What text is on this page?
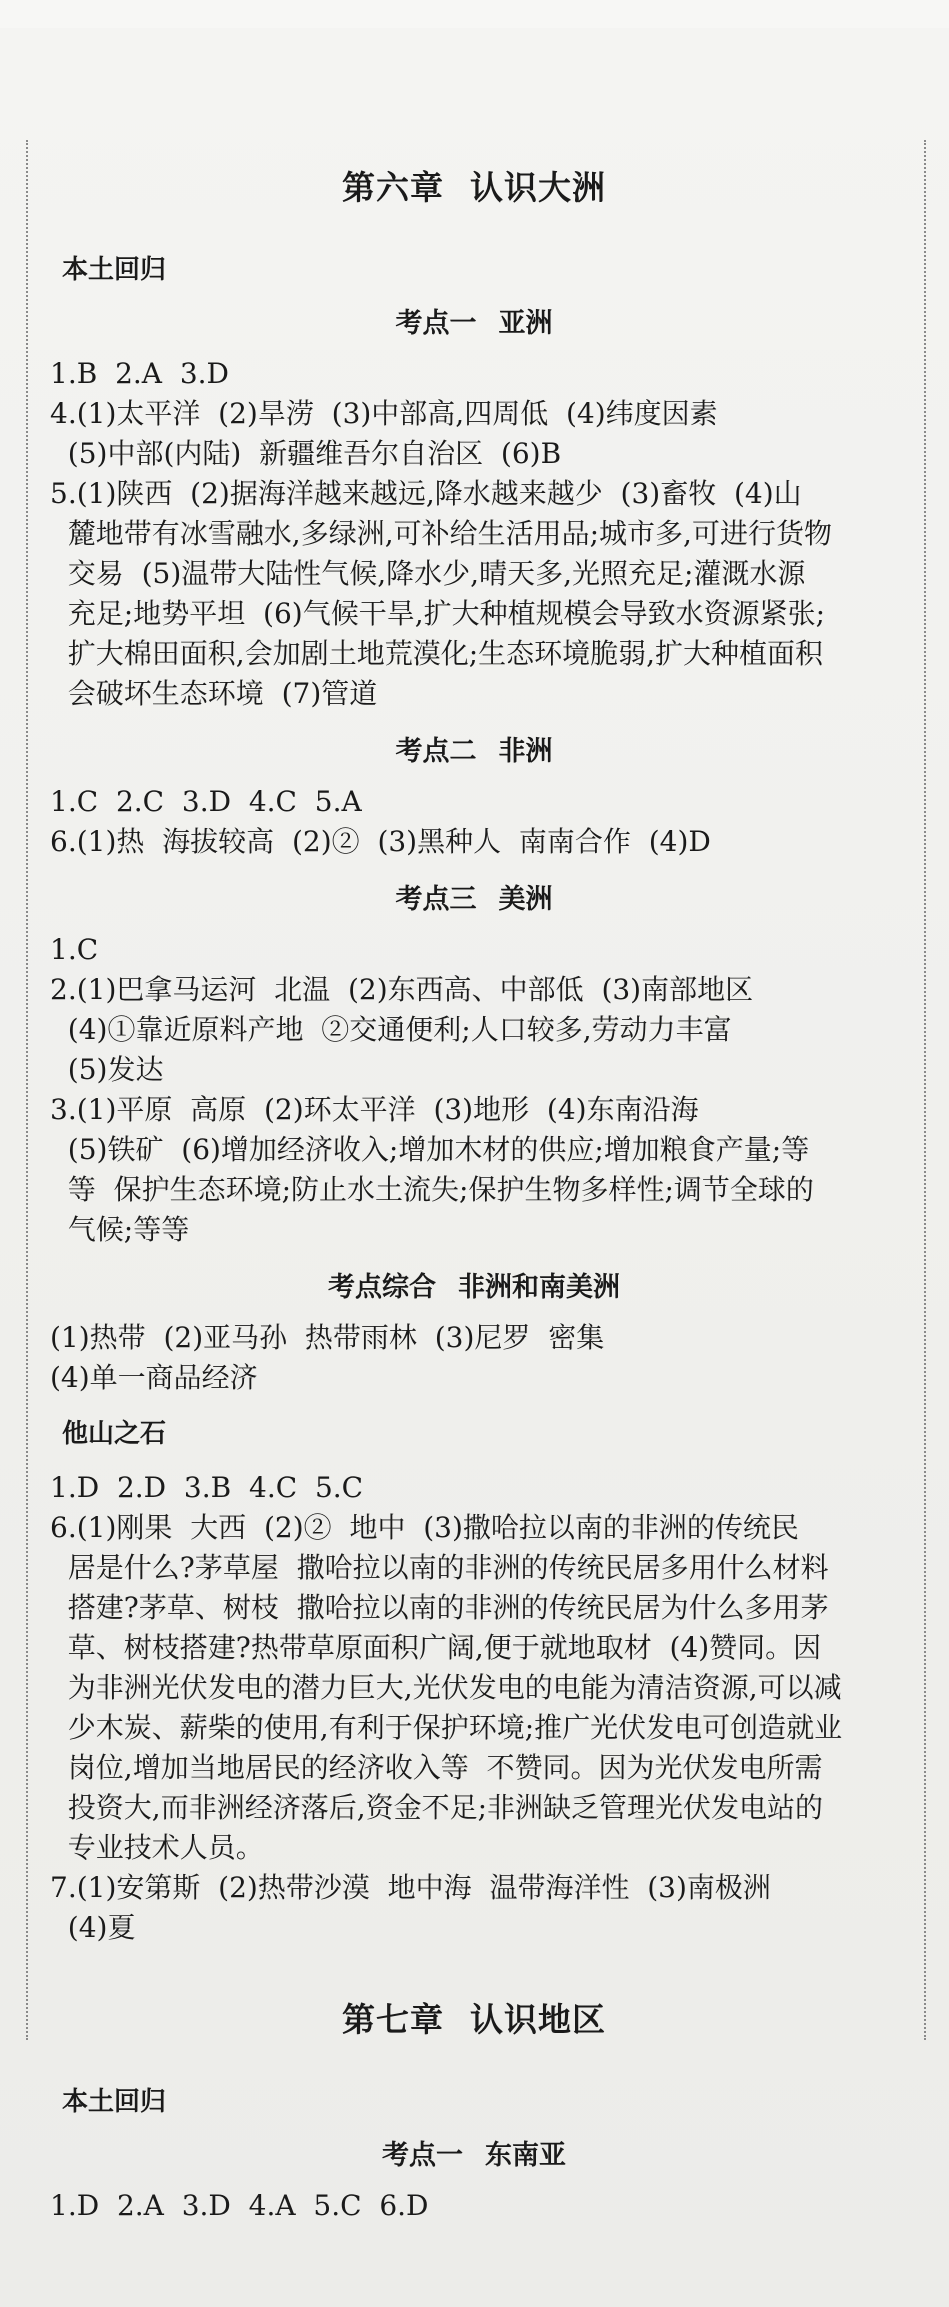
第六章 认识大洲
本土回归
考点一 亚洲
1.B  2.A  3.D
4.(1)太平洋  (2)旱涝  (3)中部高,四周低  (4)纬度因素
(5)中部(内陆)  新疆维吾尔自治区  (6)B
5.(1)陕西  (2)据海洋越来越远,降水越来越少  (3)畜牧  (4)山
麓地带有冰雪融水,多绿洲,可补给生活用品;城市多,可进行货物
交易  (5)温带大陆性气候,降水少,晴天多,光照充足;灌溉水源
充足;地势平坦  (6)气候干旱,扩大种植规模会导致水资源紧张;
扩大棉田面积,会加剧土地荒漠化;生态环境脆弱,扩大种植面积
会破坏生态环境  (7)管道
考点二 非洲
1.C  2.C  3.D  4.C  5.A
6.(1)热  海拔较高  (2)②  (3)黑种人  南南合作  (4)D
考点三 美洲
1.C
2.(1)巴拿马运河  北温  (2)东西高、中部低  (3)南部地区
(4)①靠近原料产地  ②交通便利;人口较多,劳动力丰富
(5)发达
3.(1)平原  高原  (2)环太平洋  (3)地形  (4)东南沿海
(5)铁矿  (6)增加经济收入;增加木材的供应;增加粮食产量;等
等  保护生态环境;防止水土流失;保护生物多样性;调节全球的
气候;等等
考点综合 非洲和南美洲
(1)热带  (2)亚马孙  热带雨林  (3)尼罗  密集
(4)单一商品经济
他山之石
1.D  2.D  3.B  4.C  5.C
6.(1)刚果  大西  (2)②  地中  (3)撒哈拉以南的非洲的传统民
居是什么?茅草屋  撒哈拉以南的非洲的传统民居多用什么材料
搭建?茅草、树枝  撒哈拉以南的非洲的传统民居为什么多用茅
草、树枝搭建?热带草原面积广阔,便于就地取材  (4)赞同。因
为非洲光伏发电的潜力巨大,光伏发电的电能为清洁资源,可以减
少木炭、薪柴的使用,有利于保护环境;推广光伏发电可创造就业
岗位,增加当地居民的经济收入等  不赞同。因为光伏发电所需
投资大,而非洲经济落后,资金不足;非洲缺乏管理光伏发电站的
专业技术人员。
7.(1)安第斯  (2)热带沙漠  地中海  温带海洋性  (3)南极洲
(4)夏
第七章 认识地区
本土回归
考点一 东南亚
1.D  2.A  3.D  4.A  5.C  6.D
